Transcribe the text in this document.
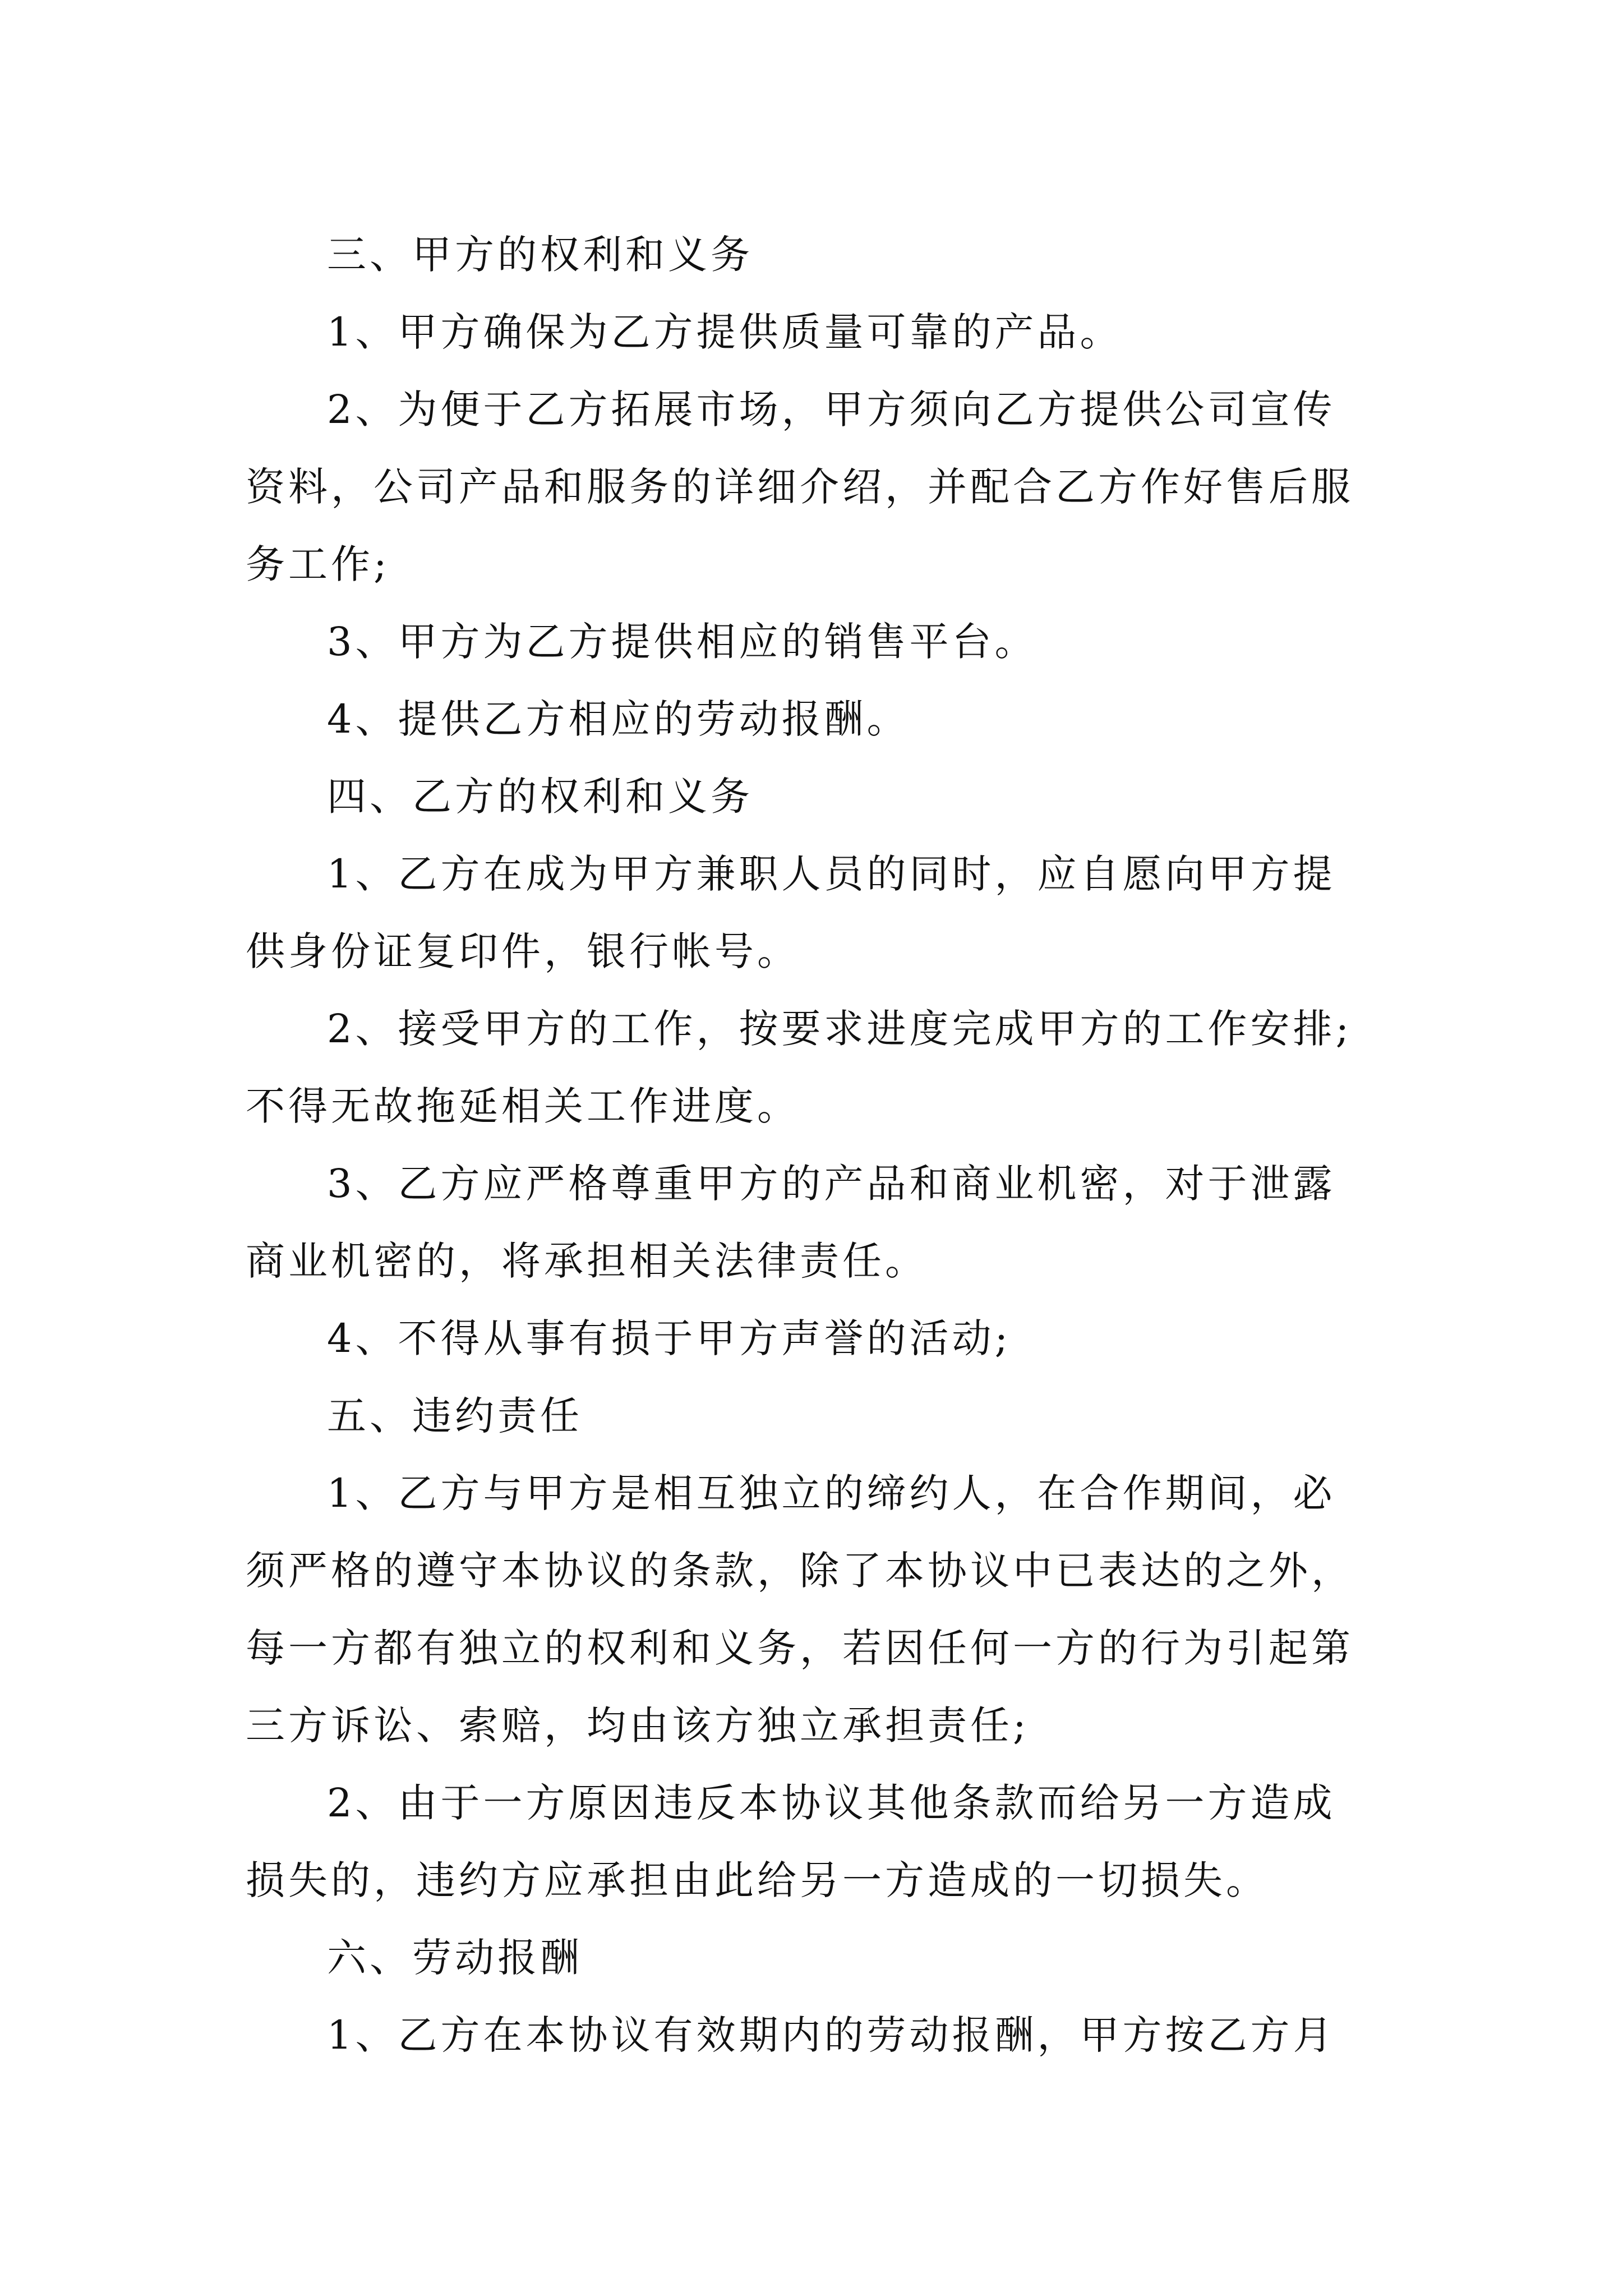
三、甲方的权利和义务
1、甲方确保为乙方提供质量可靠的产品。
2、为便于乙方拓展市场，甲方须向乙方提供公司宣传
资料，公司产品和服务的详细介绍，并配合乙方作好售后服
务工作;
3、甲方为乙方提供相应的销售平台。
4、提供乙方相应的劳动报酬。
四、乙方的权利和义务
1、乙方在成为甲方兼职人员的同时，应自愿向甲方提
供身份证复印件，银行帐号。
2、接受甲方的工作，按要求进度完成甲方的工作安排;
不得无故拖延相关工作进度。
3、乙方应严格尊重甲方的产品和商业机密，对于泄露
商业机密的，将承担相关法律责任。
4、不得从事有损于甲方声誉的活动;
五、违约责任
1、乙方与甲方是相互独立的缔约人，在合作期间，必
须严格的遵守本协议的条款，除了本协议中已表达的之外，
每一方都有独立的权利和义务，若因任何一方的行为引起第
三方诉讼、索赔，均由该方独立承担责任;
2、由于一方原因违反本协议其他条款而给另一方造成
损失的，违约方应承担由此给另一方造成的一切损失。
六、劳动报酬
1、乙方在本协议有效期内的劳动报酬，甲方按乙方月
